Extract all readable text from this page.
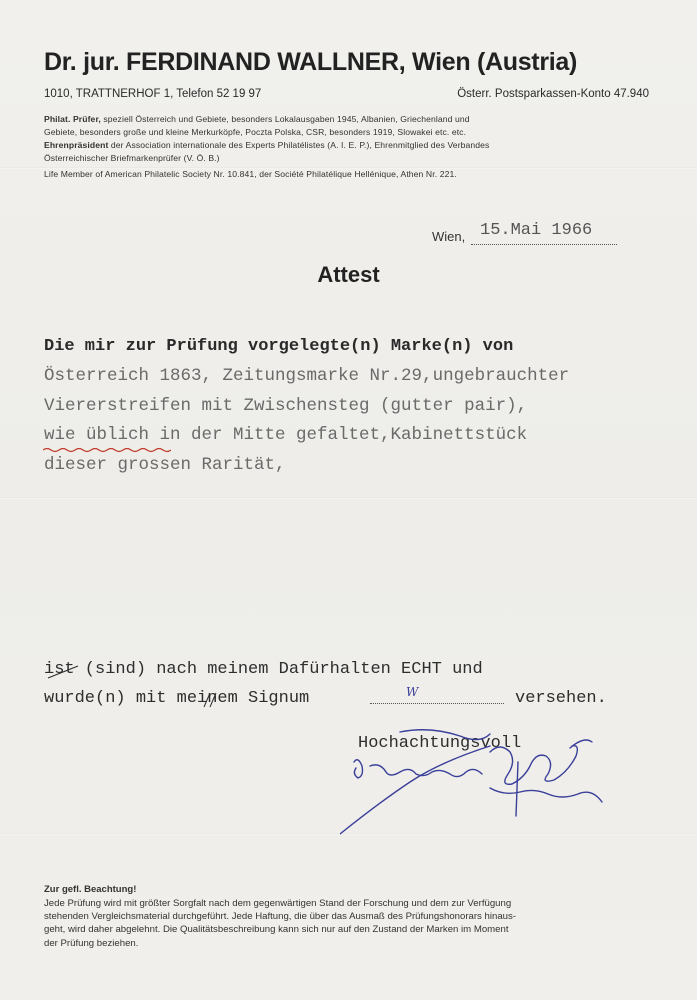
Dr. jur. FERDINAND WALLNER, Wien (Austria)
1010, TRATTNERHOF 1, Telefon 52 19 97	Österr. Postsparkassen-Konto 47.940
Philat. Prüfer, speziell Österreich und Gebiete, besonders Lokalausgaben 1945, Albanien, Griechenland und
Gebiete, besonders große und kleine Merkurköpfe, Poczta Polska, CSR, besonders 1919, Slowakei etc. etc.
Ehrenpräsident der Association internationale des Experts Philatélistes (A. I. E. P.), Ehrenmitglied des Verbandes
Österreichischer Briefmarkenprüfer (V. Ö. B.)
Life Member of American Philatelic Society Nr. 10.841, der Société Philatélique Hellénique, Athen Nr. 221.
Wien, 15.Mai 1966
Attest
Die mir zur Prüfung vorgelegte(n) Marke(n) von
Österreich 1863, Zeitungsmarke Nr.29,ungebrauchter
Viererstreifen mit Zwischensteg (gutter pair),
wie üblich in der Mitte gefaltet,Kabinettstück
dieser grossen Rarität,
ist (sind) nach meinem Dafürhalten ECHT und
wurde(n) mit meinem Signum	W	versehen.
Hochachtungsvoll
Zur gefl. Beachtung!
Jede Prüfung wird mit größter Sorgfalt nach dem gegenwärtigen Stand der Forschung und dem zur Verfügung
stehenden Vergleichsmaterial durchgeführt. Jede Haftung, die über das Ausmaß des Prüfungshonorars hinaus-
geht, wird daher abgelehnt. Die Qualitätsbeschreibung kann sich nur auf den Zustand der Marken im Moment
der Prüfung beziehen.
